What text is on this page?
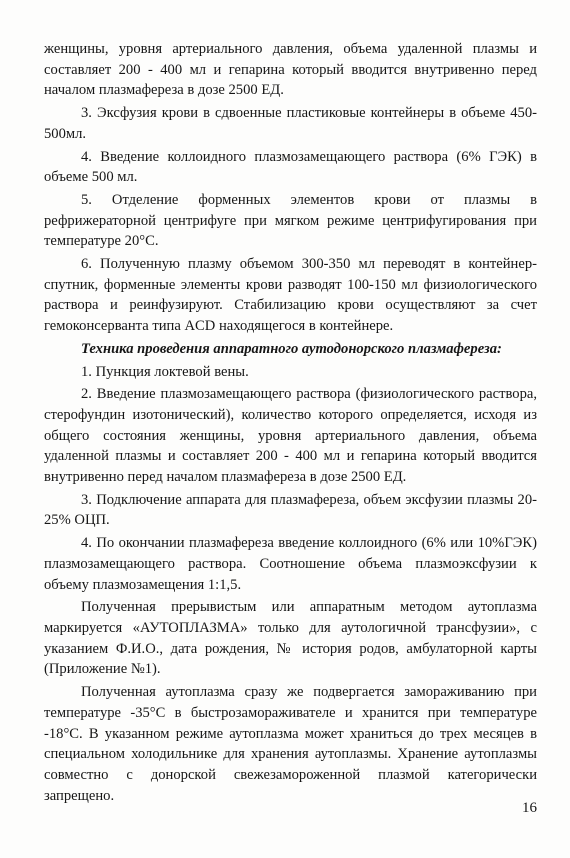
женщины, уровня артериального давления, объема удаленной плазмы и составляет 200 - 400 мл и гепарина который вводится внутривенно перед началом плазмафереза в дозе 2500 ЕД.

3. Эксфузия крови в сдвоенные пластиковые контейнеры в объеме 450-500мл.

4. Введение коллоидного плазмозамещающего раствора (6% ГЭК) в объеме 500 мл.

5. Отделение форменных элементов крови от плазмы в рефрижераторной центрифуге при мягком режиме центрифугирования при температуре 20°С.

6. Полученную плазму объемом 300-350 мл переводят в контейнер-спутник, форменные элементы крови разводят 100-150 мл физиологического раствора и реинфузируют. Стабилизацию крови осуществляют за счет гемоконсерванта типа ACD находящегося в контейнере.

Техника проведения аппаратного аутодонорского плазмафереза:

1. Пункция локтевой вены.

2. Введение плазмозамещающего раствора (физиологического раствора, стерофундин изотонический), количество которого определяется, исходя из общего состояния женщины, уровня артериального давления, объема удаленной плазмы и составляет 200 - 400 мл и гепарина который вводится внутривенно перед началом плазмафереза в дозе 2500 ЕД.

3. Подключение аппарата для плазмафереза, объем эксфузии плазмы 20-25% ОЦП.

4. По окончании плазмафереза введение коллоидного (6% или 10%ГЭК) плазмозамещающего раствора. Соотношение объема плазмоэксфузии к объему плазмозамещения 1:1,5.

Полученная прерывистым или аппаратным методом аутоплазма маркируется «АУТОПЛАЗМА» только для аутологичной трансфузии», с указанием Ф.И.О., дата рождения, № история родов, амбулаторной карты (Приложение №1).

Полученная аутоплазма сразу же подвергается замораживанию при температуре -35°С в быстрозамораживателе и хранится при температуре -18°С. В указанном режиме аутоплазма может храниться до трех месяцев в специальном холодильнике для хранения аутоплазмы. Хранение аутоплазмы совместно с донорской свежезамороженной плазмой категорически запрещено.

16
